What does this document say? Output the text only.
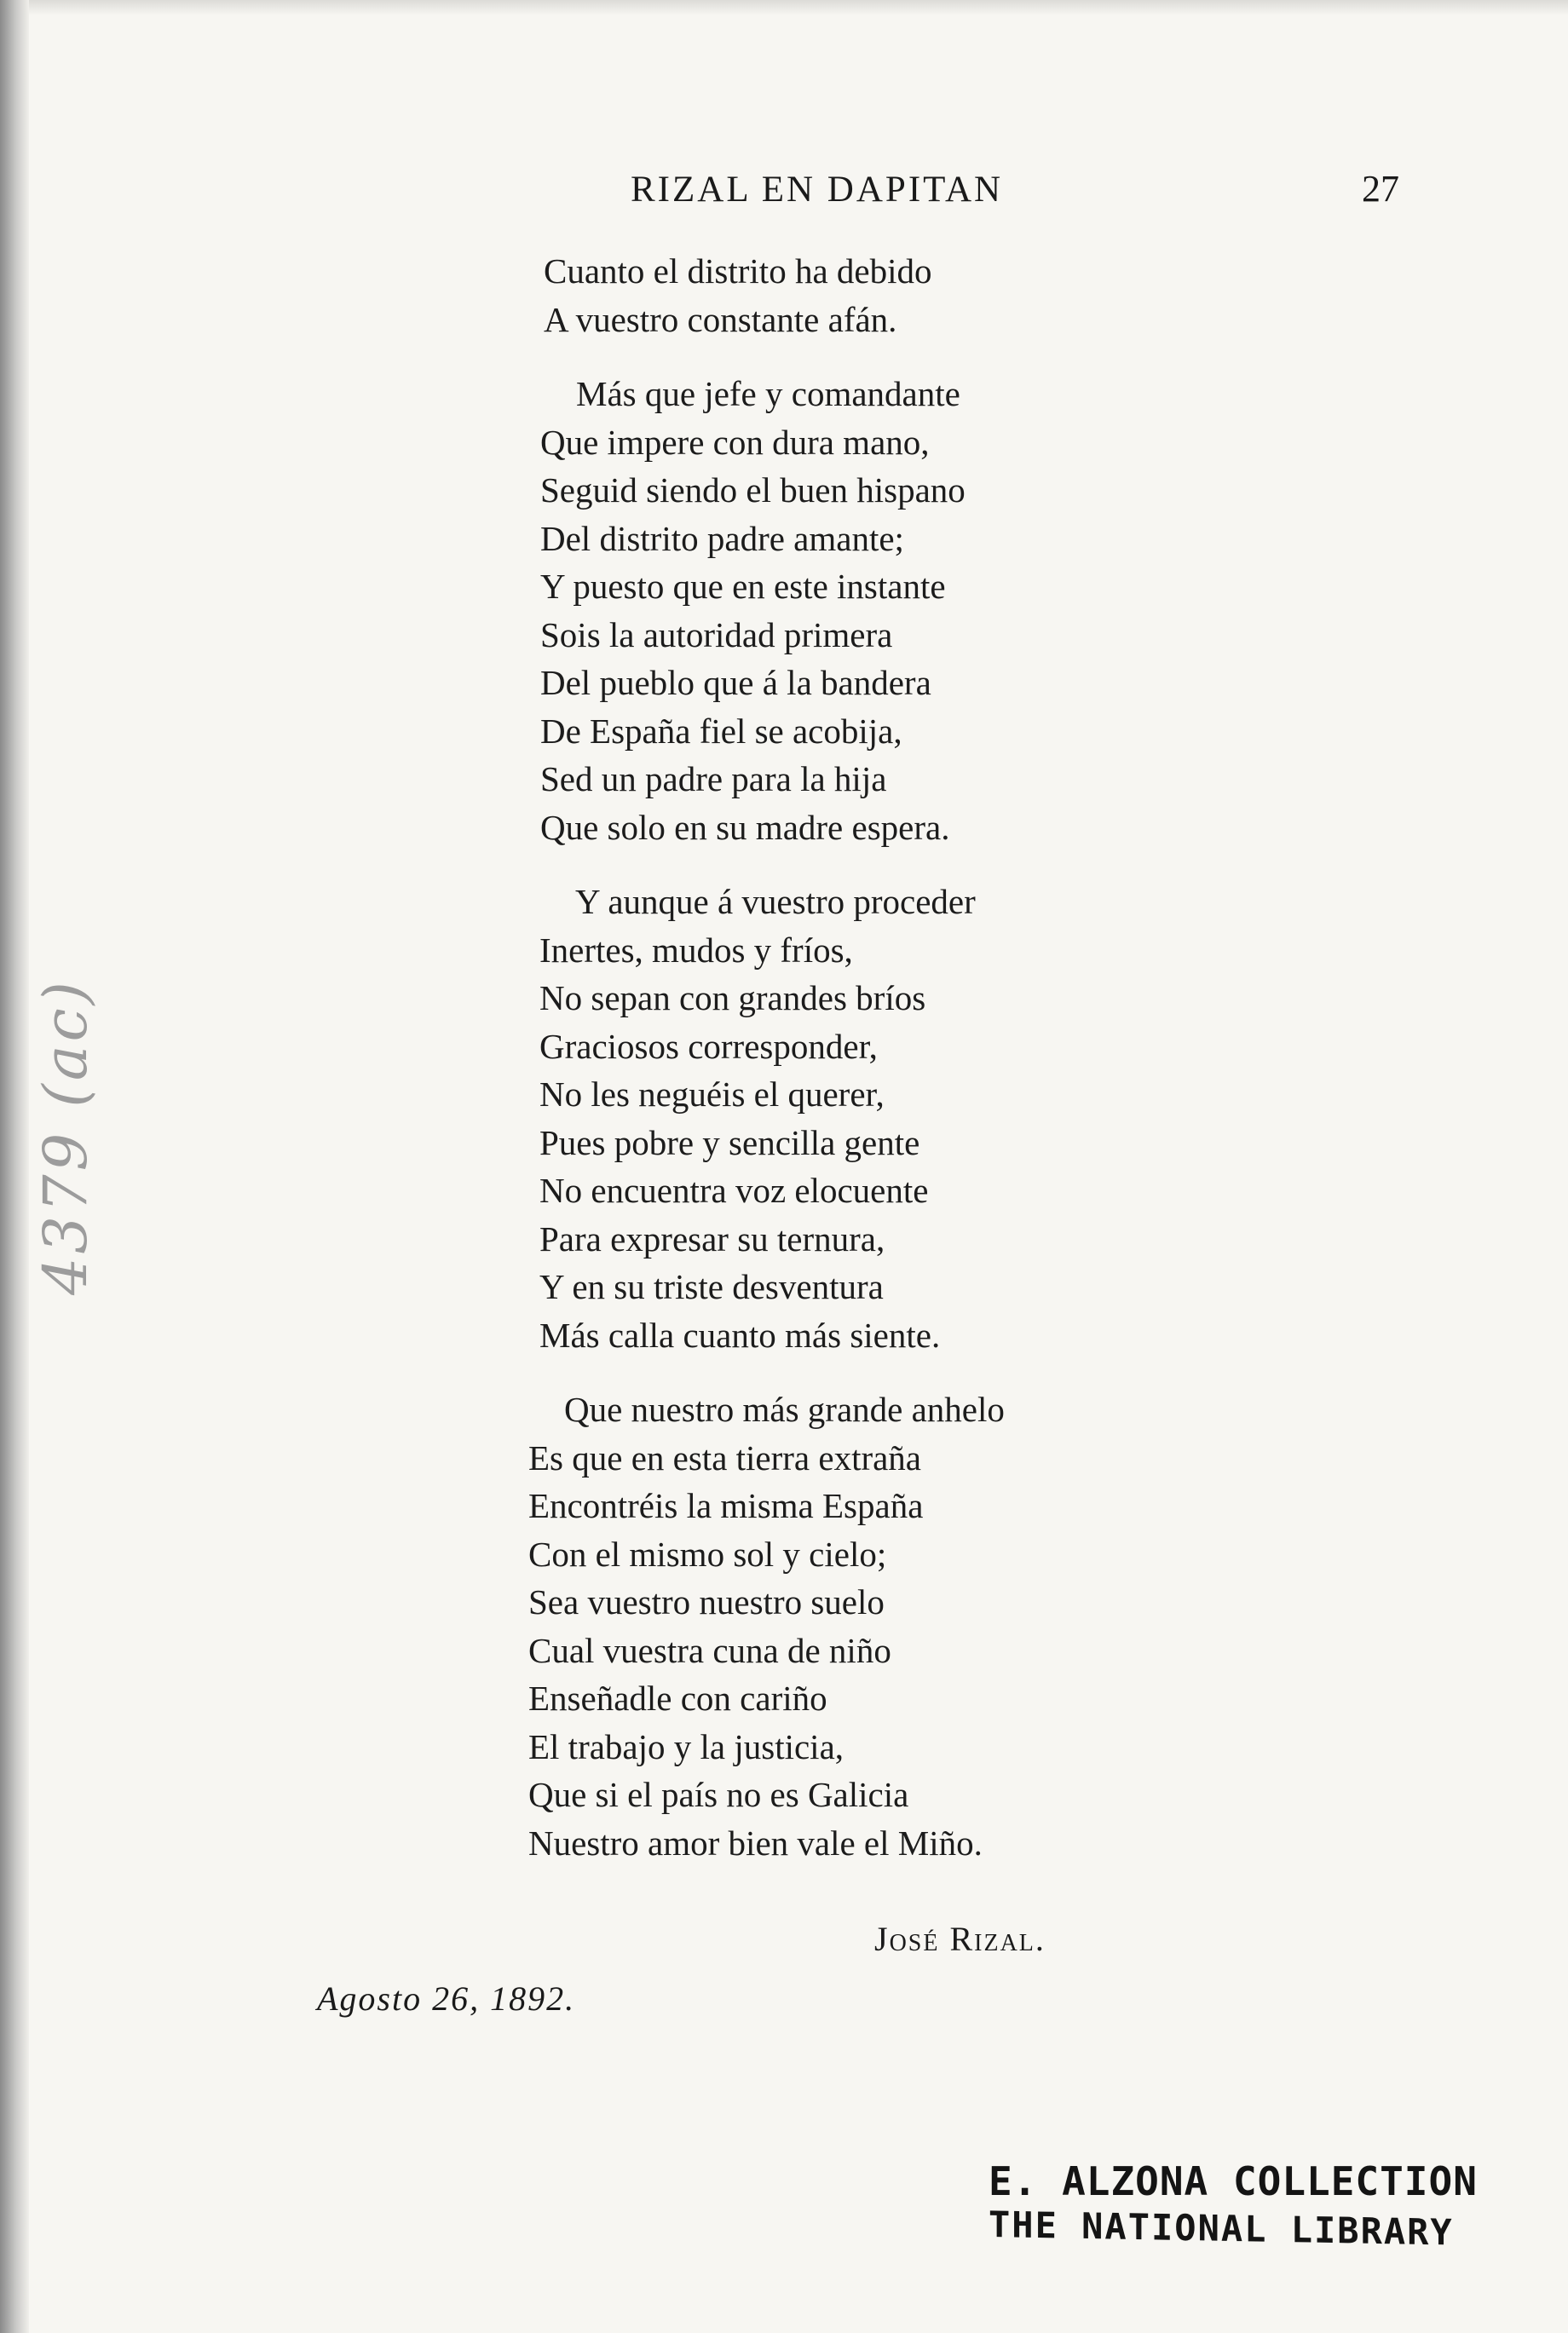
RIZAL EN DAPITAN	27
4379 (ac)
Cuanto el distrito ha debido
A vuestro constante afán.
Más que jefe y comandante
Que impere con dura mano,
Seguid siendo el buen hispano
Del distrito padre amante;
Y puesto que en este instante
Sois la autoridad primera
Del pueblo que á la bandera
De España fiel se acobija,
Sed un padre para la hija
Que solo en su madre espera.
Y aunque á vuestro proceder
Inertes, mudos y fríos,
No sepan con grandes bríos
Graciosos corresponder,
No les neguéis el querer,
Pues pobre y sencilla gente
No encuentra voz elocuente
Para expresar su ternura,
Y en su triste desventura
Más calla cuanto más siente.
Que nuestro más grande anhelo
Es que en esta tierra extraña
Encontréis la misma España
Con el mismo sol y cielo;
Sea vuestro nuestro suelo
Cual vuestra cuna de niño
Enseñadle con cariño
El trabajo y la justicia,
Que si el país no es Galicia
Nuestro amor bien vale el Miño.
José Rizal.
Agosto 26, 1892.
E. ALZONA COLLECTION
THE NATIONAL LIBRARY
